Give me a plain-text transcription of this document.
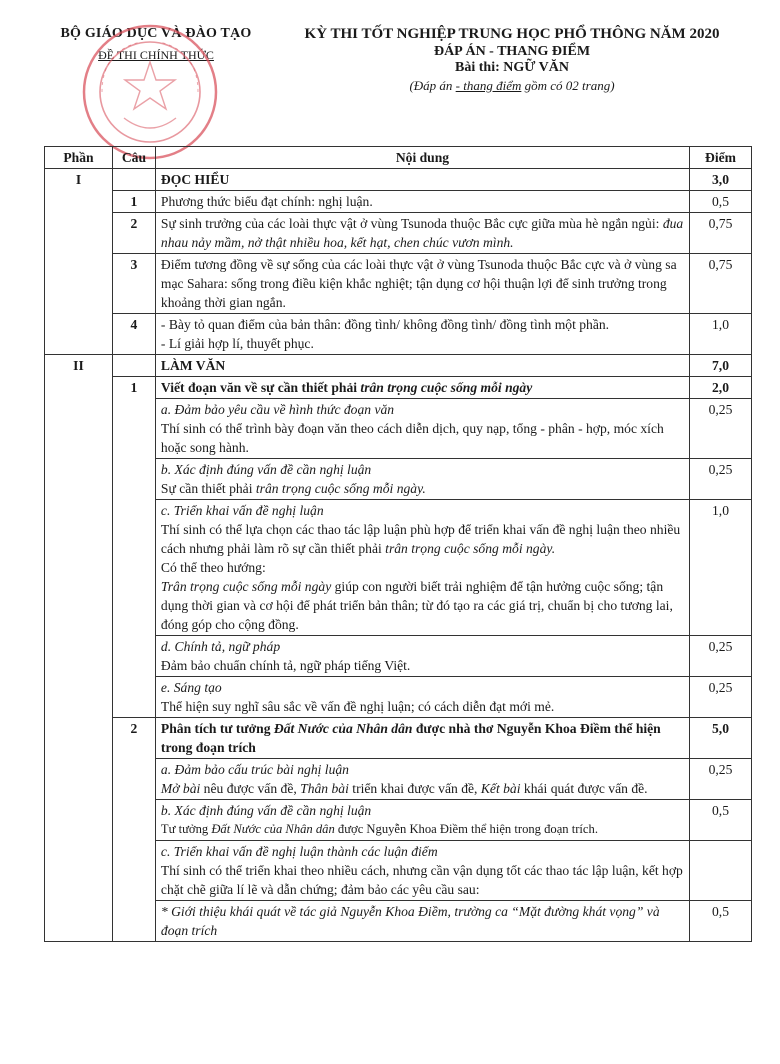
BỘ GIÁO DỤC VÀ ĐÀO TẠO
ĐỀ THI CHÍNH THỨC
KỲ THI TỐT NGHIỆP TRUNG HỌC PHỔ THÔNG NĂM 2020
ĐÁP ÁN - THANG ĐIỂM
Bài thi: NGỮ VĂN
(Đáp án - thang điểm gồm có 02 trang)
Phần	Câu	Nội dung	Điểm
I		ĐỌC HIỂU	3,0
	1	Phương thức biểu đạt chính: nghị luận.	0,5
	2	Sự sinh trưởng của các loài thực vật ở vùng Tsunoda thuộc Bắc cực giữa mùa hè ngắn ngủi: đua nhau nảy mầm, nở thật nhiều hoa, kết hạt, chen chúc vươn mình.	0,75
	3	Điểm tương đồng về sự sống của các loài thực vật ở vùng Tsunoda thuộc Bắc cực và ở vùng sa mạc Sahara: sống trong điều kiện khắc nghiệt; tận dụng cơ hội thuận lợi để sinh trưởng trong khoảng thời gian ngắn.	0,75
	4	- Bày tỏ quan điểm của bản thân: đồng tình/ không đồng tình/ đồng tình một phần.
- Lí giải hợp lí, thuyết phục.	1,0
II		LÀM VĂN	7,0
	1	Viết đoạn văn về sự cần thiết phải trân trọng cuộc sống mỗi ngày	2,0

		a. Đảm bảo yêu cầu về hình thức đoạn văn
Thí sinh có thể trình bày đoạn văn theo cách diễn dịch, quy nạp, tổng - phân - hợp, móc xích hoặc song hành.	0,25

		b. Xác định đúng vấn đề cần nghị luận
Sự cần thiết phải trân trọng cuộc sống mỗi ngày.	0,25

		c. Triển khai vấn đề nghị luận
Thí sinh có thể lựa chọn các thao tác lập luận phù hợp để triển khai vấn đề nghị luận theo nhiều cách nhưng phải làm rõ sự cần thiết phải trân trọng cuộc sống mỗi ngày.
Có thể theo hướng:
Trân trọng cuộc sống mỗi ngày giúp con người biết trải nghiệm để tận hưởng cuộc sống; tận dụng thời gian và cơ hội để phát triển bản thân; từ đó tạo ra các giá trị, chuẩn bị cho tương lai, đóng góp cho cộng đồng.	1,0

		d. Chính tả, ngữ pháp
Đảm bảo chuẩn chính tả, ngữ pháp tiếng Việt.	0,25

		e. Sáng tạo
Thể hiện suy nghĩ sâu sắc về vấn đề nghị luận; có cách diễn đạt mới mẻ.	0,25
	2	Phân tích tư tưởng Đất Nước của Nhân dân được nhà thơ Nguyễn Khoa Điềm thể hiện trong đoạn trích	5,0

		a. Đảm bảo cấu trúc bài nghị luận
Mở bài nêu được vấn đề, Thân bài triển khai được vấn đề, Kết bài khái quát được vấn đề.	0,25

		b. Xác định đúng vấn đề cần nghị luận
Tư tưởng Đất Nước của Nhân dân được Nguyễn Khoa Điềm thể hiện trong đoạn trích.	0,5

		c. Triển khai vấn đề nghị luận thành các luận điểm
Thí sinh có thể triển khai theo nhiều cách, nhưng cần vận dụng tốt các thao tác lập luận, kết hợp chặt chẽ giữa lí lẽ và dẫn chứng; đảm bảo các yêu cầu sau:	

		* Giới thiệu khái quát về tác giả Nguyễn Khoa Điềm, trường ca “Mặt đường khát vọng” và đoạn trích	0,5
